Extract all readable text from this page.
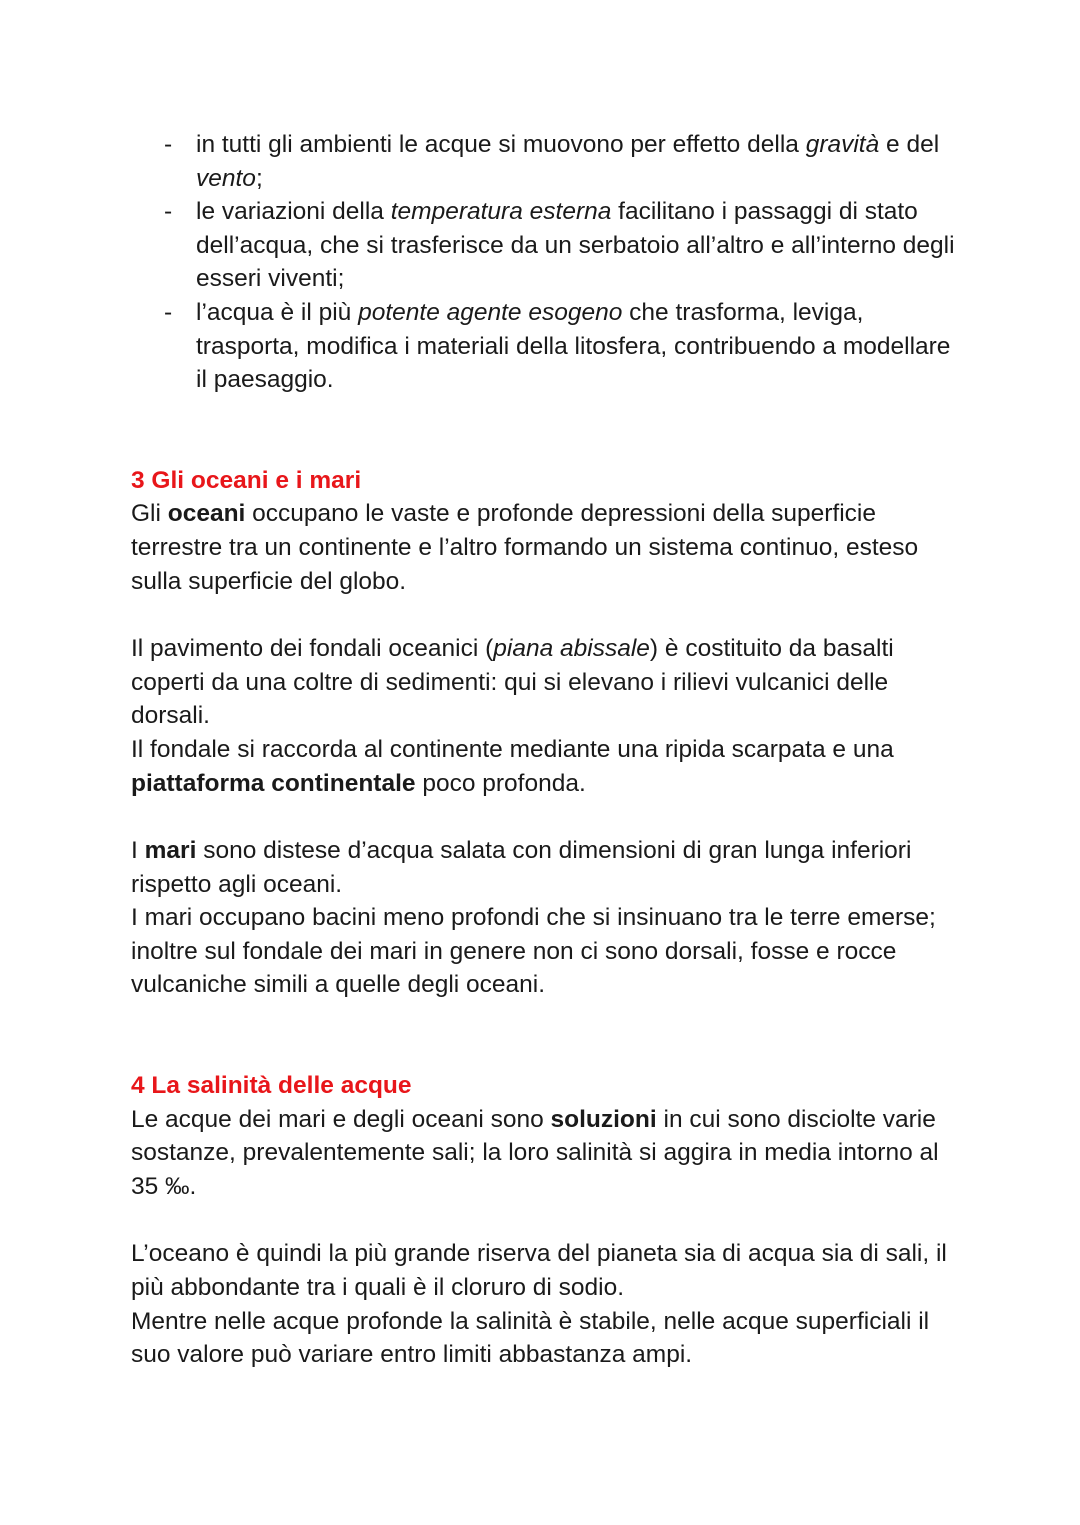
- in tutti gli ambienti le acque si muovono per effetto della gravità e del vento;
- le variazioni della temperatura esterna facilitano i passaggi di stato dell’acqua, che si trasferisce da un serbatoio all’altro e all’interno degli esseri viventi;
- l’acqua è il più potente agente esogeno che trasforma, leviga, trasporta, modifica i materiali della litosfera, contribuendo a modellare il paesaggio.
3 Gli oceani e i mari

Gli oceani occupano le vaste e profonde depressioni della superficie terrestre tra un continente e l’altro formando un sistema continuo, esteso sulla superficie del globo.

Il pavimento dei fondali oceanici (piana abissale) è costituito da basalti coperti da una coltre di sedimenti: qui si elevano i rilievi vulcanici delle dorsali.

Il fondale si raccorda al continente mediante una ripida scarpata e una piattaforma continentale poco profonda.

I mari sono distese d’acqua salata con dimensioni di gran lunga inferiori rispetto agli oceani.

I mari occupano bacini meno profondi che si insinuano tra le terre emerse; inoltre sul fondale dei mari in genere non ci sono dorsali, fosse e rocce vulcaniche simili a quelle degli oceani.

4 La salinità delle acque

Le acque dei mari e degli oceani sono soluzioni in cui sono disciolte varie sostanze, prevalentemente sali; la loro salinità si aggira in media intorno al 35 ‰.

L’oceano è quindi la più grande riserva del pianeta sia di acqua sia di sali, il più abbondante tra i quali è il cloruro di sodio.

Mentre nelle acque profonde la salinità è stabile, nelle acque superficiali il suo valore può variare entro limiti abbastanza ampi.
